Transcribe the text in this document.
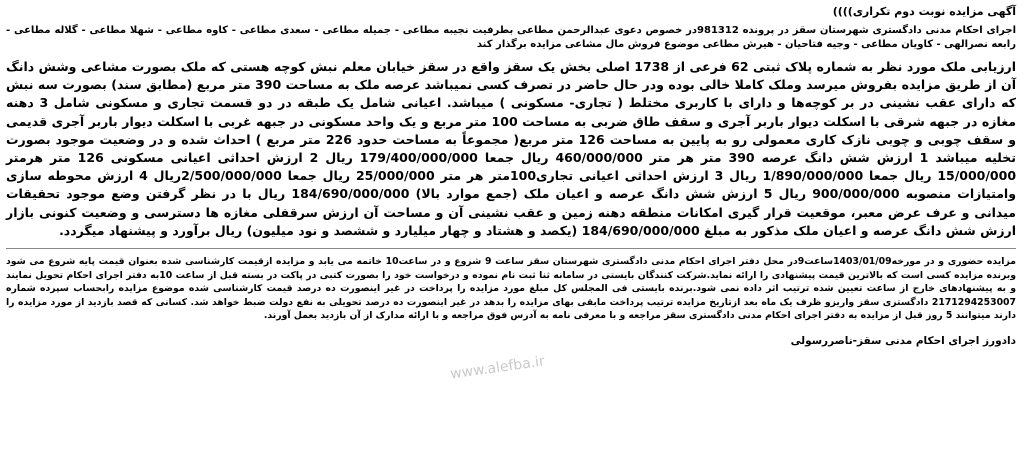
آگهی مزایده نوبت دوم تکراری))))

اجرای احکام مدنی دادگستری شهرستان سقز در پرونده 981312در خصوص دعوی عبدالرحمن مطاعی بطرفیت نجیبه مطاعی - جمیله مطاعی - سعدی مطاعی - کاوه مطاعی - شهلا مطاعی - گلاله مطاعی - رابعه نصرالهی - کاویان مطاعی - وجیه فتاحیان - هیرش مطاعی موضوع فروش مال مشاعی مزایده برگذار کند

ارزیابی ملک مورد نظر به شماره پلاک ثبتی 62 فرعی از 1738 اصلی بخش یک سقز واقع در سقز خیابان معلم نبش کوچه هستی که ملک بصورت مشاعی وشش دانگ آن از طریق مزایده بفروش میرسد وملک کاملا خالی بوده ودر حال حاضر در تصرف کسی نمیباشد عرصه ملک به مساحت 390 متر مربع (مطابق سند) بصورت سه نبش که دارای عقب نشینی در بر کوچه‌ها و دارای با کاربری مختلط ( تجاری- مسکونی ) میباشد. اعیانی شامل یک طبقه در دو قسمت تجاری و مسکونی شامل 3 دهنه مغازه در جبهه شرقی با اسکلت دیوار باربر آجری و سقف طاق ضربی به مساحت 100 متر مربع و یک واحد مسکونی در جبهه غربی با اسکلت دیوار باربر آجری قدیمی و سقف چوبی و چوبی نازک کاری معمولی رو به پایین به مساحت 126 متر مربع( مجموعاً به مساحت حدود 226 متر مربع ) احداث شده و در وضعیت موجود بصورت تخلیه میباشد 1 ارزش شش دانگ عرصه 390 متر هر متر 460/000/000 ریال جمعا 179/400/000/000 ریال 2 ارزش احداثی اعیانی مسکونی 126 متر هرمتر 15/000/000 ریال جمعا 1/890/000/000 ریال 3 ارزش احداثی اعیانی تجاری100متر هر متر 25/000/000 ریال جمعا 2/500/000/000ریال 4 ارزش محوطه سازی وامتیازات منصوبه 900/000/000 ریال 5 ارزش شش دانگ عرصه و اعیان ملک (جمع موارد بالا) 184/690/000/000 ریال با در نظر گرفتن وضع موجود تحقیقات میدانی و عرف عرض معبر، موقعیت قرار گیری امکانات منطقه دهنه زمین و عقب نشینی آن و مساحت آن ارزش سرقفلی مغازه ها دسترسی و وضعیت کنونی بازار ارزش شش دانگ عرصه و اعیان ملک مذکور به مبلغ 184/690/000/000 (یکصد و هشتاد و چهار میلیارد و ششصد و نود میلیون) ریال برآورد و پیشنهاد میگردد.

مزایده حضوری و در مورخه1403/01/09ساعت9در محل دفتر اجرای احکام مدنی دادگستری شهرستان سقز ساعت 9 شروع و در ساعت10 خاتمه می یابد و مزایده ازقیمت کارشناسی شده بعنوان قیمت پایه شروع می شود وبرنده مزایده کسی است که بالاترین قیمت پیشنهادی را ارائه نماید.شرکت کنندگان بایستی در سامانه ثنا ثبت نام نموده و درخواست خود را بصورت کتبی در پاکت در بسته قبل از ساعت 10به دفتر اجرای احکام تحویل نمایند و به پیشنهادهای خارج از ساعت تعیین شده ترتیب اثر داده نمی شود.برنده بایستی فی المجلس کل مبلغ مورد مزایده را پرداخت در غیر اینصورت ده درصد قیمت کارشناسی شده موضوع مزایده رابحساب سپرده شماره 2171294253007 دادگستری سقز واریزو ظرف یک ماه بعد ازتاریخ مزایده ترتیب پرداخت مابقی بهای مزایده را بدهد در غیر اینصورت ده درصد تحویلی به نفع دولت ضبط خواهد شد. کسانی که قصد بازدید از مورد مزایده را دارند میتوانند 5 روز قبل از مزایده به دفتر اجرای احکام مدنی دادگستری سقز مراجعه و با معرفی نامه به آدرس فوق مراجعه و با ارائه مدارک از آن بازدید بعمل آورند.

دادورز اجرای احکام مدنی سقز-ناصررسولی

www.alefba.ir
